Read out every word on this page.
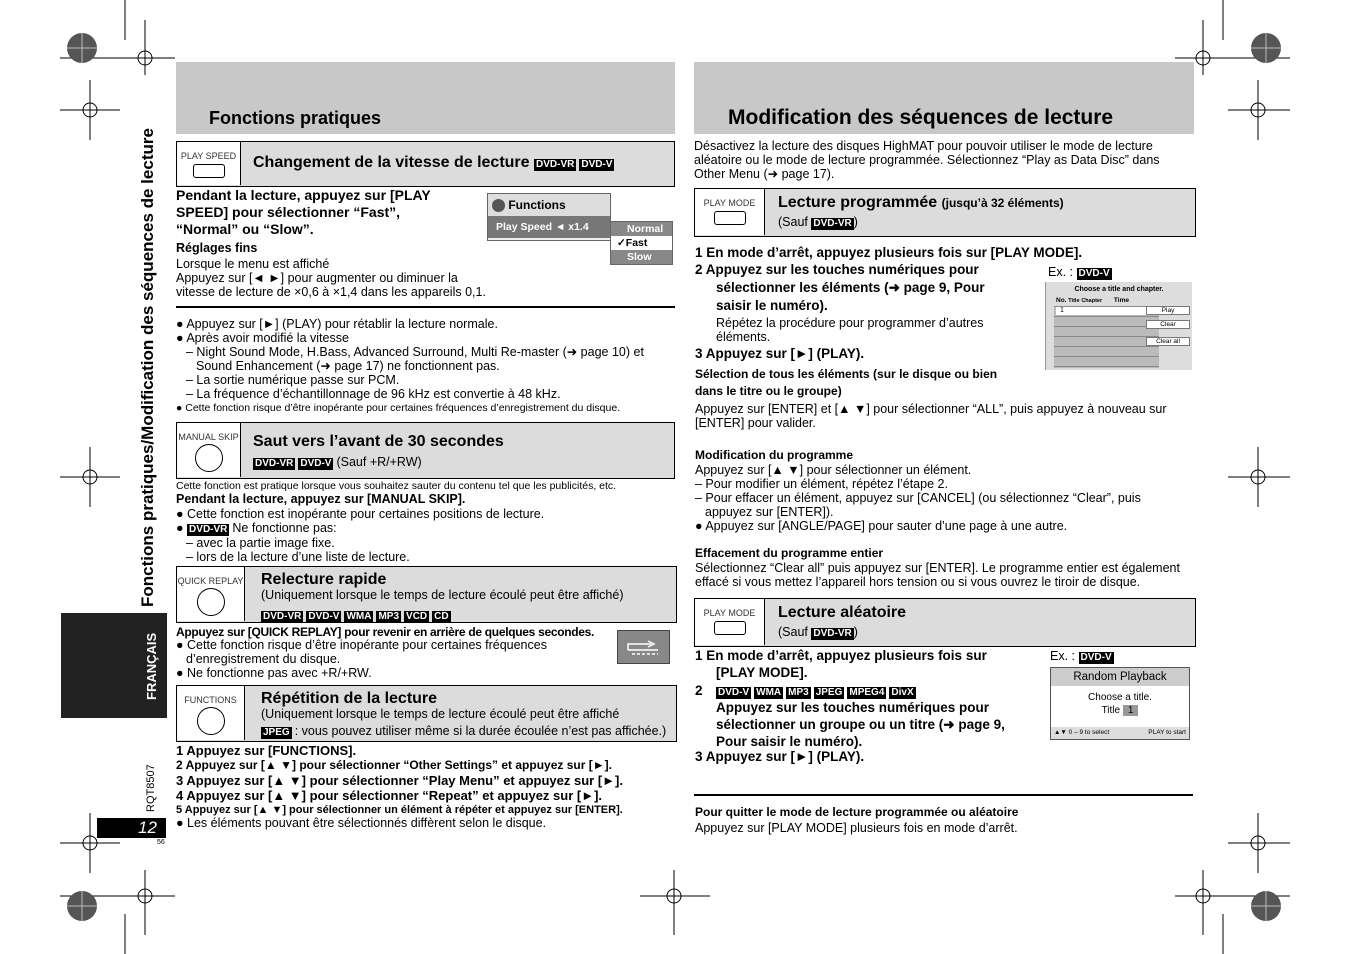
Fonctions pratiques/Modification des séquences de lecture
FRANÇAIS
RQT8507
12
56
Fonctions pratiques
PLAY SPEED Changement de la vitesse de lecture DVD-VR DVD-V
Pendant la lecture, appuyez sur [PLAY SPEED] pour sélectionner “Fast”, “Normal” ou “Slow”.
Functions
Play Speed ◄ x1.4	Normal
✓Fast
Slow
Réglages fins
Lorsque le menu est affiché
Appuyez sur [◄ ►] pour augmenter ou diminuer la
vitesse de lecture de ×0,6 à ×1,4 dans les appareils 0,1.
● Appuyez sur [►] (PLAY) pour rétablir la lecture normale.
● Après avoir modifié la vitesse
– Night Sound Mode, H.Bass, Advanced Surround, Multi Re-master (➜ page 10) et
Sound Enhancement (➜ page 17) ne fonctionnent pas.
– La sortie numérique passe sur PCM.
– La fréquence d’échantillonnage de 96 kHz est convertie à 48 kHz.
● Cette fonction risque d’être inopérante pour certaines fréquences d’enregistrement du disque.
MANUAL SKIP Saut vers l’avant de 30 secondes
DVD-VR DVD-V (Sauf +R/+RW)
Cette fonction est pratique lorsque vous souhaitez sauter du contenu tel que les publicités, etc.
Pendant la lecture, appuyez sur [MANUAL SKIP].
● Cette fonction est inopérante pour certaines positions de lecture.
● DVD-VR Ne fonctionne pas:
– avec la partie image fixe.
– lors de la lecture d’une liste de lecture.
QUICK REPLAY Relecture rapide
(Uniquement lorsque le temps de lecture écoulé peut être affiché)
DVD-VR DVD-V WMA MP3 VCD CD
Appuyez sur [QUICK REPLAY] pour revenir en arrière de quelques secondes.
● Cette fonction risque d’être inopérante pour certaines fréquences
d’enregistrement du disque.
● Ne fonctionne pas avec +R/+RW.
FUNCTIONS	Répétition de la lecture
(Uniquement lorsque le temps de lecture écoulé peut être affiché
JPEG : vous pouvez utiliser même si la durée écoulée n’est pas affichée.)
1 Appuyez sur [FUNCTIONS].
2 Appuyez sur [▲ ▼] pour sélectionner “Other Settings” et appuyez sur [►].
3 Appuyez sur [▲ ▼] pour sélectionner “Play Menu” et appuyez sur [►].
4 Appuyez sur [▲ ▼] pour sélectionner “Repeat” et appuyez sur [►].
5 Appuyez sur [▲ ▼] pour sélectionner un élément à répéter et appuyez sur [ENTER].
● Les éléments pouvant être sélectionnés diffèrent selon le disque.
Modification des séquences de lecture
Désactivez la lecture des disques HighMAT pour pouvoir utiliser le mode de lecture aléatoire ou le mode de lecture programmée. Sélectionnez “Play as Data Disc” dans Other Menu (➜ page 17).
PLAY MODE	Lecture programmée (jusqu’à 32 éléments)
(Sauf DVD-VR )
1 En mode d’arrêt, appuyez plusieurs fois sur [PLAY MODE].
2 Appuyez sur les touches numériques pour
sélectionner les éléments (➜ page 9, Pour
saisir le numéro).
Répétez la procédure pour programmer d’autres
éléments.
3 Appuyez sur [►] (PLAY).
Ex. : DVD-V
Choose a title and chapter.
No. Title Chapter Time
1	Play
Clear
Clear all
Sélection de tous les éléments (sur le disque ou bien
dans le titre ou le groupe)
Appuyez sur [ENTER] et [▲ ▼] pour sélectionner “ALL”, puis appuyez à nouveau sur [ENTER] pour valider.
Modification du programme
Appuyez sur [▲ ▼] pour sélectionner un élément.
– Pour modifier un élément, répétez l’étape 2.
– Pour effacer un élément, appuyez sur [CANCEL] (ou sélectionnez “Clear”, puis
appuyez sur [ENTER]).
● Appuyez sur [ANGLE/PAGE] pour sauter d’une page à une autre.
Effacement du programme entier
Sélectionnez “Clear all” puis appuyez sur [ENTER]. Le programme entier est également effacé si vous mettez l’appareil hors tension ou si vous ouvrez le tiroir de disque.
PLAY MODE	Lecture aléatoire
(Sauf DVD-VR )
1 En mode d’arrêt, appuyez plusieurs fois sur
[PLAY MODE].
2 DVD-V WMA MP3 JPEG MPEG4 DivX
Appuyez sur les touches numériques pour
sélectionner un groupe ou un titre (➜ page 9,
Pour saisir le numéro).
3 Appuyez sur [►] (PLAY).
Ex. : DVD-V
Random Playback
Choose a title.
Title 1
▲▼ 0 – 9 to select	PLAY to start
Pour quitter le mode de lecture programmée ou aléatoire
Appuyez sur [PLAY MODE] plusieurs fois en mode d’arrêt.
